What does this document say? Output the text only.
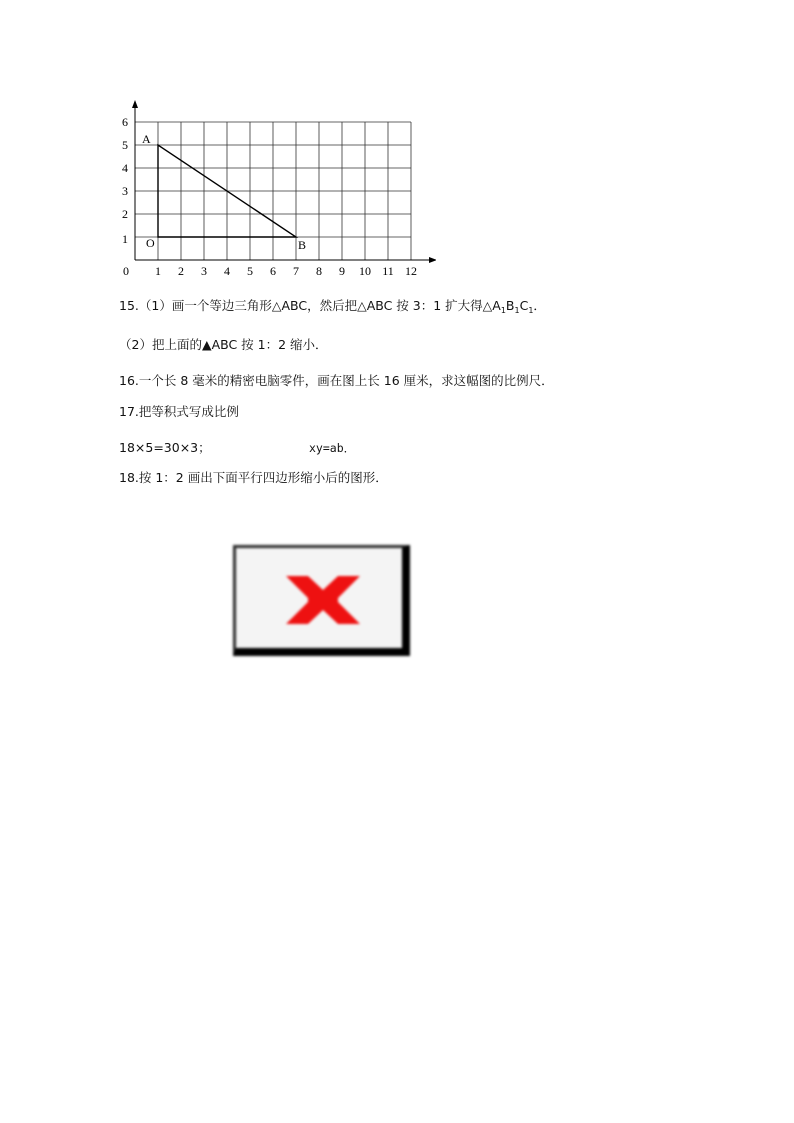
0 1 2 3 4 5 6 7 8 9 10 11 12
1
2
3
4
5
6
A
O	B
15.（1）画一个等边三角形△ABC，然后把△ABC 按 3：1 扩大得$\triangle A_1B_1C_1$．
（2）把上面的▲ABC 按 1：2 缩小．
16.一个长 8 毫米的精密电脑零件，画在图上长 16 厘米，求这幅图的比例尺．
17.把等积式写成比例
18×5=30×3；	xy=ab．
18.按 1：2 画出下面平行四边形缩小后的图形．
